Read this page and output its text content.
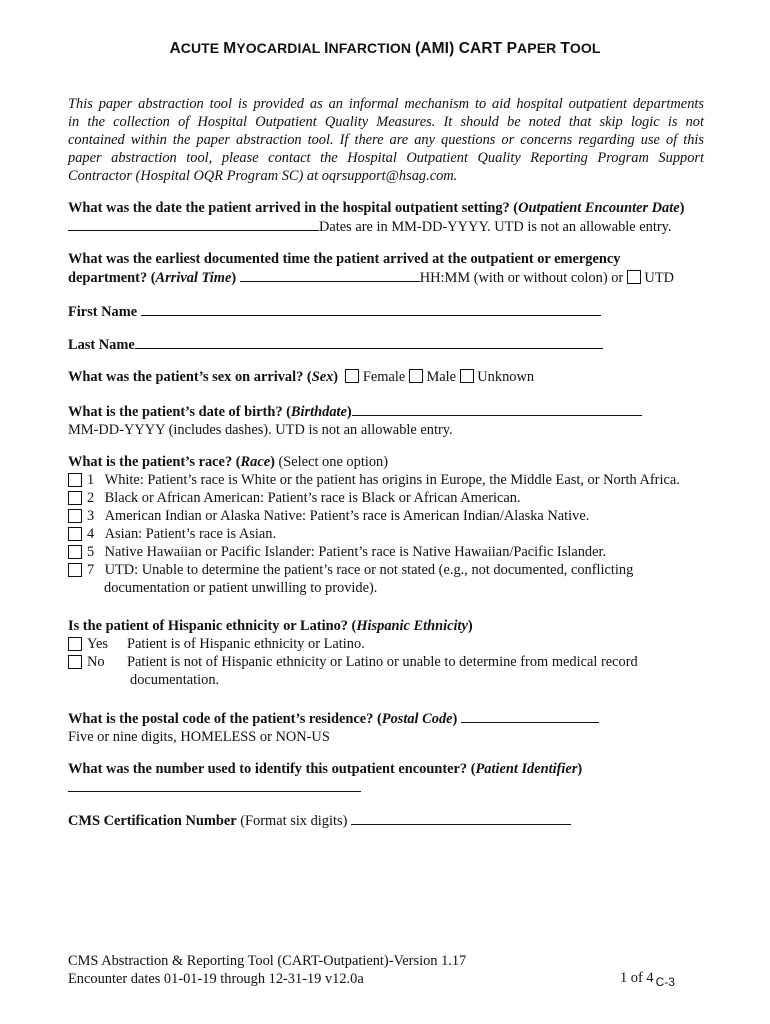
ACUTE MYOCARDIAL INFARCTION (AMI) CART PAPER TOOL
This paper abstraction tool is provided as an informal mechanism to aid hospital outpatient departments
in the collection of Hospital Outpatient Quality Measures. It should be noted that skip logic is not
contained within the paper abstraction tool. If there are any questions or concerns regarding use of this
paper abstraction tool, please contact the Hospital Outpatient Quality Reporting Program Support
Contractor (Hospital OQR Program SC) at oqrsupport@hsag.com.
What was the date the patient arrived in the hospital outpatient setting? (Outpatient Encounter Date)
Dates are in MM-DD-YYYY. UTD is not an allowable entry.
What was the earliest documented time the patient arrived at the outpatient or emergency
department? (Arrival Time)	HH:MM (with or without colon) or UTD
First Name
Last Name
What was the patient’s sex on arrival? (Sex) Female Male Unknown
What is the patient’s date of birth? (Birthdate)
MM-DD-YYYY (includes dashes). UTD is not an allowable entry.
What is the patient’s race? (Race) (Select one option)
1
White: Patient’s race is White or the patient has origins in Europe, the Middle East, or North Africa.
2
Black or African American: Patient’s race is Black or African American.
3
American Indian or Alaska Native: Patient’s race is American Indian/Alaska Native.
4
Asian: Patient’s race is Asian.
5
Native Hawaiian or Pacific Islander: Patient’s race is Native Hawaiian/Pacific Islander.
7
UTD: Unable to determine the patient’s race or not stated (e.g., not documented, conflicting
documentation or patient unwilling to provide).
Is the patient of Hispanic ethnicity or Latino? (Hispanic Ethnicity)
Yes	Patient is of Hispanic ethnicity or Latino.
No	Patient is not of Hispanic ethnicity or Latino or unable to determine from medical record
documentation.
What is the postal code of the patient’s residence? (Postal Code)
Five or nine digits, HOMELESS or NON-US
What was the number used to identify this outpatient encounter? (Patient Identifier)
CMS Certification Number (Format six digits)
CMS Abstraction & Reporting Tool (CART-Outpatient)-Version 1.17
Encounter dates 01-01-19 through 12-31-19 v12.0a	1 of 4 $_{C-3}$
